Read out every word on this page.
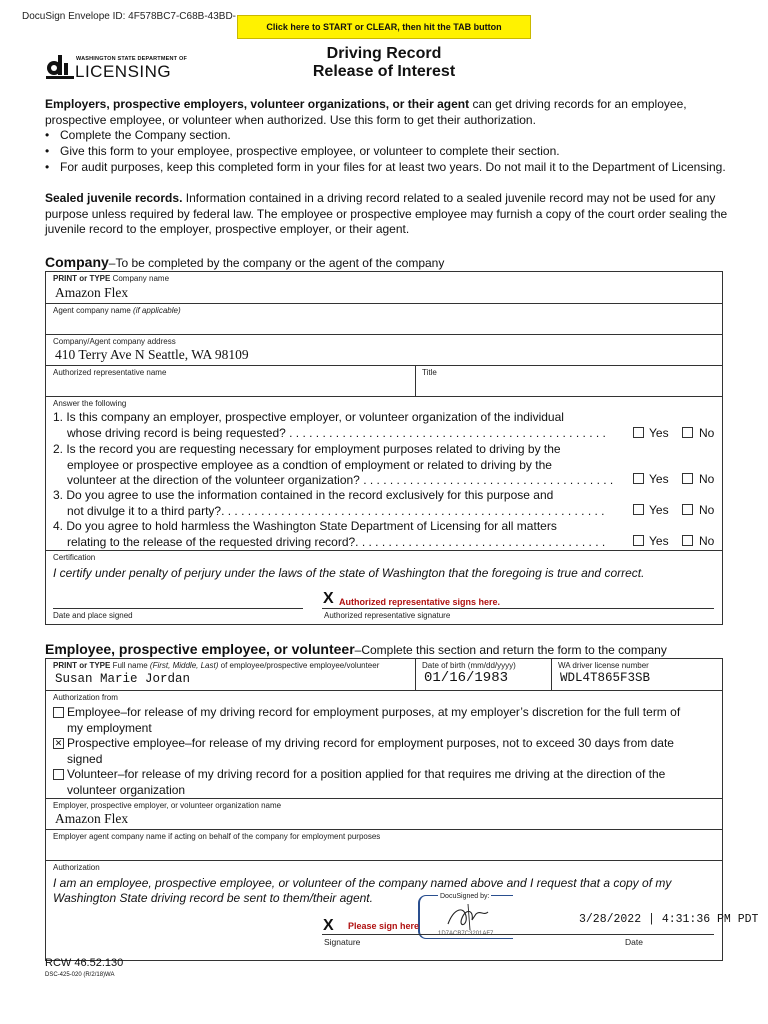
DocuSign Envelope ID: 4F578BC7-C68B-43BD-
Click here to START or CLEAR, then hit the TAB button
WASHINGTON STATE DEPARTMENT OF
LICENSING
Driving Record
Release of Interest
Employers, prospective employers, volunteer organizations, or their agent can get driving records for an employee, prospective employee, or volunteer when authorized. Use this form to get their authorization.
• Complete the Company section.
• Give this form to your employee, prospective employee, or volunteer to complete their section.
• For audit purposes, keep this completed form in your files for at least two years. Do not mail it to the Department of Licensing.
Sealed juvenile records. Information contained in a driving record related to a sealed juvenile record may not be used for any purpose unless required by federal law. The employee or prospective employee may furnish a copy of the court order sealing the juvenile record to the employer, prospective employer, or their agent.
Company–To be completed by the company or the agent of the company
PRINT or TYPE Company name
Amazon Flex
Agent company name (if applicable)
Company/Agent company address
410 Terry Ave N Seattle, WA 98109
Authorized representative name	Title
Answer the following
1. Is this company an employer, prospective employer, or volunteer organization of the individual
whose driving record is being requested? . . . . . . . . . . . . . . . . . . . . . . . . . . . . . . . . . . . . . . . . . . . . . . . .
2. Is the record you are requesting necessary for employment purposes related to driving by the
employee or prospective employee as a condtion of employment or related to driving by the
volunteer at the direction of the volunteer organization? . . . . . . . . . . . . . . . . . . . . . . . . . . . . . . . . . . . . . .
3. Do you agree to use the information contained in the record exclusively for this purpose and
not divulge it to a third party?. . . . . . . . . . . . . . . . . . . . . . . . . . . . . . . . . . . . . . . . . . . . . . . . . . . . . . . . . .
4. Do you agree to hold harmless the Washington State Department of Licensing for all matters
relating to the release of the requested driving record?. . . . . . . . . . . . . . . . . . . . . . . . . . . . . . . . . . . . . .
Yes	No
Yes	No
Yes	No
Yes	No
Certification
I certify under penalty of perjury under the laws of the state of Washington that the foregoing is true and correct.
Date and place signed
X Authorized representative signs here.
Authorized representative signature
Employee, prospective employee, or volunteer–Complete this section and return the form to the company
PRINT or TYPE Full name (First, Middle, Last) of employee/prospective employee/volunteer
Susan Marie Jordan
Date of birth (mm/dd/yyyy)
01/16/1983
WA driver license number
WDL4T865F3SB
Authorization from
Employee–for release of my driving record for employment purposes, at my employer’s discretion for the full term of
my employment
✕ Prospective employee–for release of my driving record for employment purposes, not to exceed 30 days from date
signed
Volunteer–for release of my driving record for a position applied for that requires me driving at the direction of the
volunteer organization
Employer, prospective employer, or volunteer organization name
Amazon Flex
Employer agent company name if acting on behalf of the company for employment purposes
Authorization
I am an employee, prospective employee, or volunteer of the company named above and I request that a copy of my
Washington State driving record be sent to them/their agent.	DocuSigned by:
1D7ACB7C3201AF7...
X Please sign here	3/28/2022 | 4:31:36 PM PDT
Signature	Date
RCW 46.52.130
DSC-425-020 (R/2/18)WA
